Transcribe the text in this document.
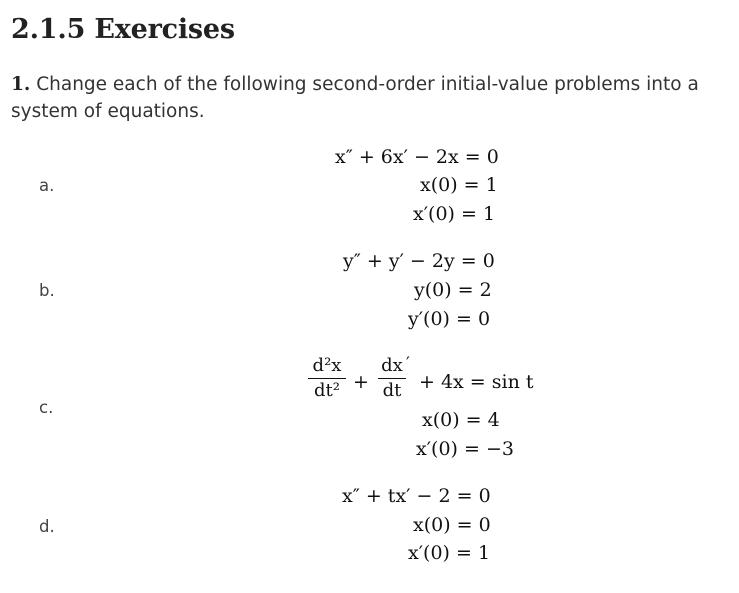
2.1.5 Exercises

1. Change each of the following second-order initial-value problems into a system of equations.

a.
x″ + 6x′ − 2x = 0
x(0) = 1
x′(0) = 1
b.
y″ + y′ − 2y = 0
y(0) = 2
y′(0) = 0
c.
d²x
dt² +
dx
dt
′
+ 4x = sin t
x(0) = 4
x′(0) = −3
d.
x″ + tx′ − 2 = 0
x(0) = 0
x′(0) = 1
